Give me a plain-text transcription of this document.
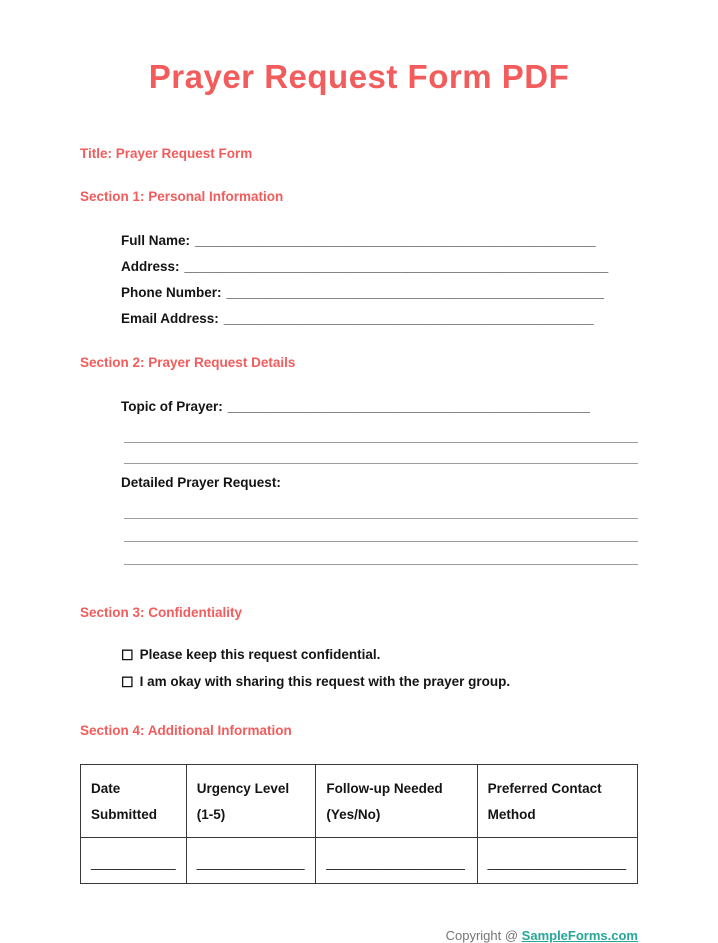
Prayer Request Form PDF

Title: Prayer Request Form

Section 1: Personal Information

• Full Name: ____________________________________________________
• Address: _______________________________________________________
• Phone Number: _________________________________________________
• Email Address: ________________________________________________

Section 2: Prayer Request Details

• Topic of Prayer: _______________________________________________
• Detailed Prayer Request:

Section 3: Confidentiality

• ☐ Please keep this request confidential.
• ☐ I am okay with sharing this request with the prayer group.

Section 4: Additional Information

Date Submitted	Urgency Level (1-5)	Follow-up Needed (Yes/No)	Preferred Contact Method
___________	______________	__________________	__________________
Copyright @ SampleForms.com
